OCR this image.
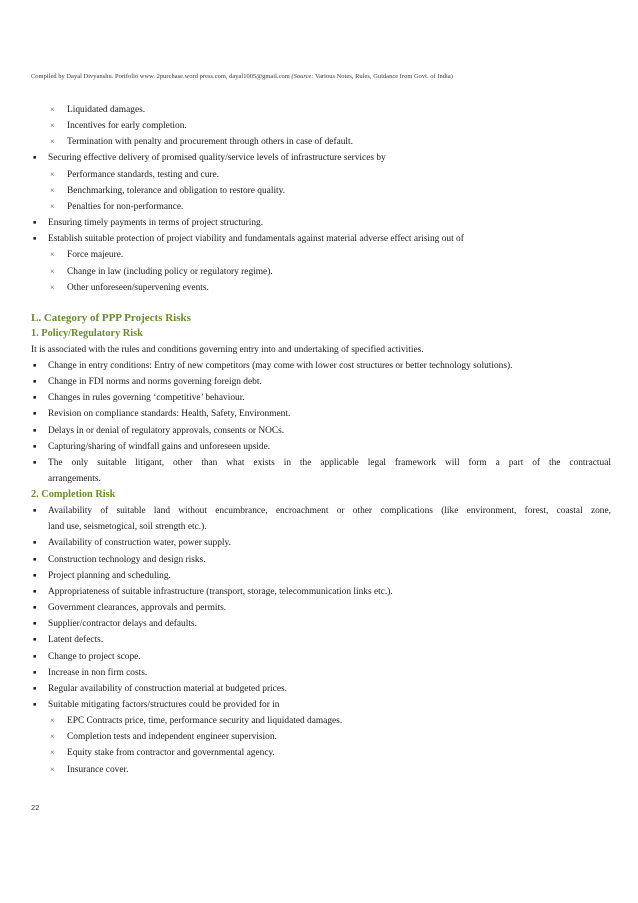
Compiled by Dayal Divyanshu. Portfolio www. 2purchase.word press.com, dayal1005@gmail.com (Source: Various Notes, Rules, Guidance from Govt. of India)
× Liquidated damages.
× Incentives for early completion.
× Termination with penalty and procurement through others in case of default.
■ Securing effective delivery of promised quality/service levels of infrastructure services by
× Performance standards, testing and cure.
× Benchmarking, tolerance and obligation to restore quality.
× Penalties for non-performance.
■ Ensuring timely payments in terms of project structuring.
■ Establish suitable protection of project viability and fundamentals against material adverse effect arising out of
× Force majeure.
× Change in law (including policy or regulatory regime).
× Other unforeseen/supervening events.
L. Category of PPP Projects Risks
1. Policy/Regulatory Risk
It is associated with the rules and conditions governing entry into and undertaking of specified activities.
■ Change in entry conditions: Entry of new competitors (may come with lower cost structures or better technology solutions).
■ Change in FDI norms and norms governing foreign debt.
■ Changes in rules governing ‘competitive’ behaviour.
■ Revision on compliance standards: Health, Safety, Environment.
■ Delays in or denial of regulatory approvals, consents or NOCs.
■ Capturing/sharing of windfall gains and unforeseen upside.
■ The only suitable litigant, other than what exists in the applicable legal framework will form a part of the contractual
arrangements.
2. Completion Risk
■ Availability of suitable land without encumbrance, encroachment or other complications (like environment, forest, coastal zone,
land use, seismetogical, soil strength etc.).
■ Availability of construction water, power supply.
■ Construction technology and design risks.
■ Project planning and scheduling.
■ Appropriateness of suitable infrastructure (transport, storage, telecommunication links etc.).
■ Government clearances, approvals and permits.
■ Supplier/contractor delays and defaults.
■ Latent defects.
■ Change to project scope.
■ Increase in non firm costs.
■ Regular availability of construction material at budgeted prices.
■ Suitable mitigating factors/structures could be provided for in
× EPC Contracts price, time, performance security and liquidated damages.
× Completion tests and independent engineer supervision.
× Equity stake from contractor and governmental agency.
× Insurance cover.
22
